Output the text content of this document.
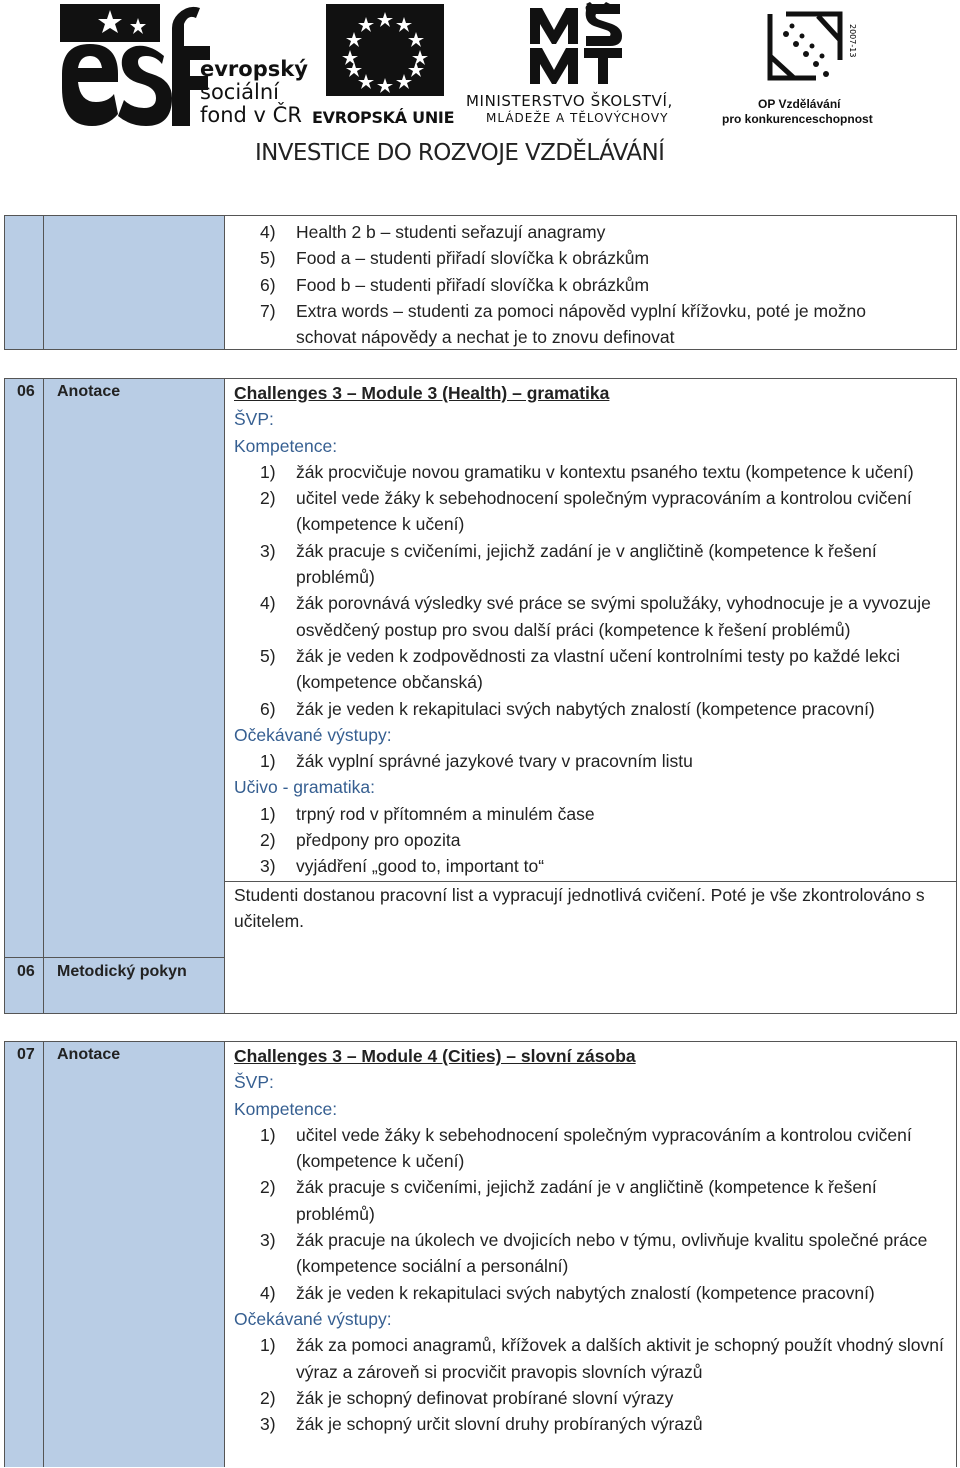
evropský
sociální
fond v ČR EVROPSKÁ UNIE
MINISTERSTVO ŠKOLSTVÍ,
MLÁDEŽE A TĚLOVÝCHOVY
2007-13
OP Vzdělávání
pro konkurenceschopnost
INVESTICE DO ROZVOJE VZDĚLÁVÁNÍ
4) Health 2 b – studenti seřazují anagramy
5) Food a – studenti přiřadí slovíčka k obrázkům
6) Food b – studenti přiřadí slovíčka k obrázkům
7) Extra words – studenti za pomoci nápověd vyplní křížovku, poté je možno schovat nápovědy a nechat je to znovu definovat
06 Anotace
06 Metodický pokyn
Challenges 3 – Module 3 (Health) – gramatika
ŠVP:
Kompetence:
1) žák procvičuje novou gramatiku v kontextu psaného textu (kompetence k učení)
2) učitel vede žáky k sebehodnocení společným vypracováním a kontrolou cvičení (kompetence k učení)
3) žák pracuje s cvičeními, jejichž zadání je v angličtině (kompetence k řešení problémů)
4) žák porovnává výsledky své práce se svými spolužáky, vyhodnocuje je a vyvozuje osvědčený postup pro svou další práci (kompetence k řešení problémů)
5) žák je veden k zodpovědnosti za vlastní učení kontrolními testy po každé lekci (kompetence občanská)
6) žák je veden k rekapitulaci svých nabytých znalostí (kompetence pracovní)
Očekávané výstupy:
1) žák vyplní správné jazykové tvary v pracovním listu
Učivo - gramatika:
1) trpný rod v přítomném a minulém čase
2) předpony pro opozita
3) vyjádření „good to, important to“
Studenti dostanou pracovní list a vypracují jednotlivá cvičení. Poté je vše zkontrolováno s učitelem.
07 Anotace	Challenges 3 – Module 4 (Cities) – slovní zásoba
ŠVP:
Kompetence:
1) učitel vede žáky k sebehodnocení společným vypracováním a kontrolou cvičení (kompetence k učení)
2) žák pracuje s cvičeními, jejichž zadání je v angličtině (kompetence k řešení problémů)
3) žák pracuje na úkolech ve dvojicích nebo v týmu, ovlivňuje kvalitu společné práce (kompetence sociální a personální)
4) žák je veden k rekapitulaci svých nabytých znalostí (kompetence pracovní)
Očekávané výstupy:
1) žák za pomoci anagramů, křížovek a dalších aktivit je schopný použít vhodný slovní výraz a zároveň si procvičit pravopis slovních výrazů
2) žák je schopný definovat probírané slovní výrazy
3) žák je schopný určit slovní druhy probíraných výrazů
